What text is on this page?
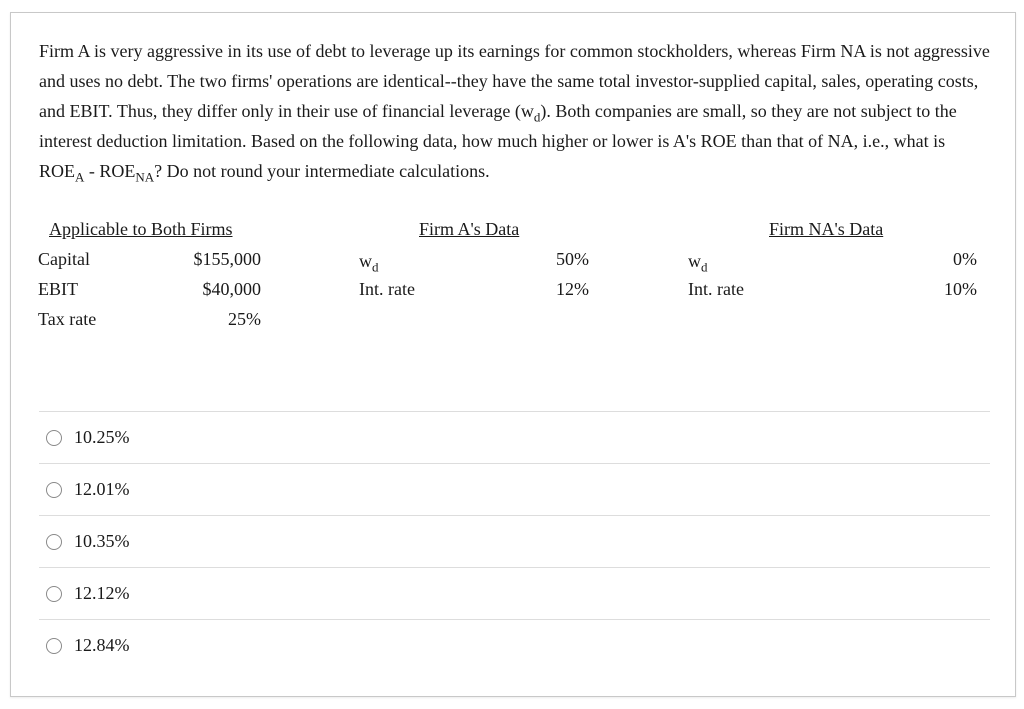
Firm A is very aggressive in its use of debt to leverage up its earnings for common stockholders, whereas Firm NA is not aggressive and uses no debt. The two firms' operations are identical--they have the same total investor-supplied capital, sales, operating costs, and EBIT. Thus, they differ only in their use of financial leverage $(w_d)$. Both companies are small, so they are not subject to the interest deduction limitation. Based on the following data, how much higher or lower is A's ROE than that of NA, i.e., what is $ROE_A - ROE_{NA}$? Do not round your intermediate calculations.
Applicable to Both Firms
Capital	$155,000
EBIT	$40,000
Tax rate	25%
Firm A's Data
$w_d$	50%
Int. rate	12%
Firm NA's Data
$w_d$	0%
Int. rate	10%
10.25%
12.01%
10.35%
12.12%
12.84%
